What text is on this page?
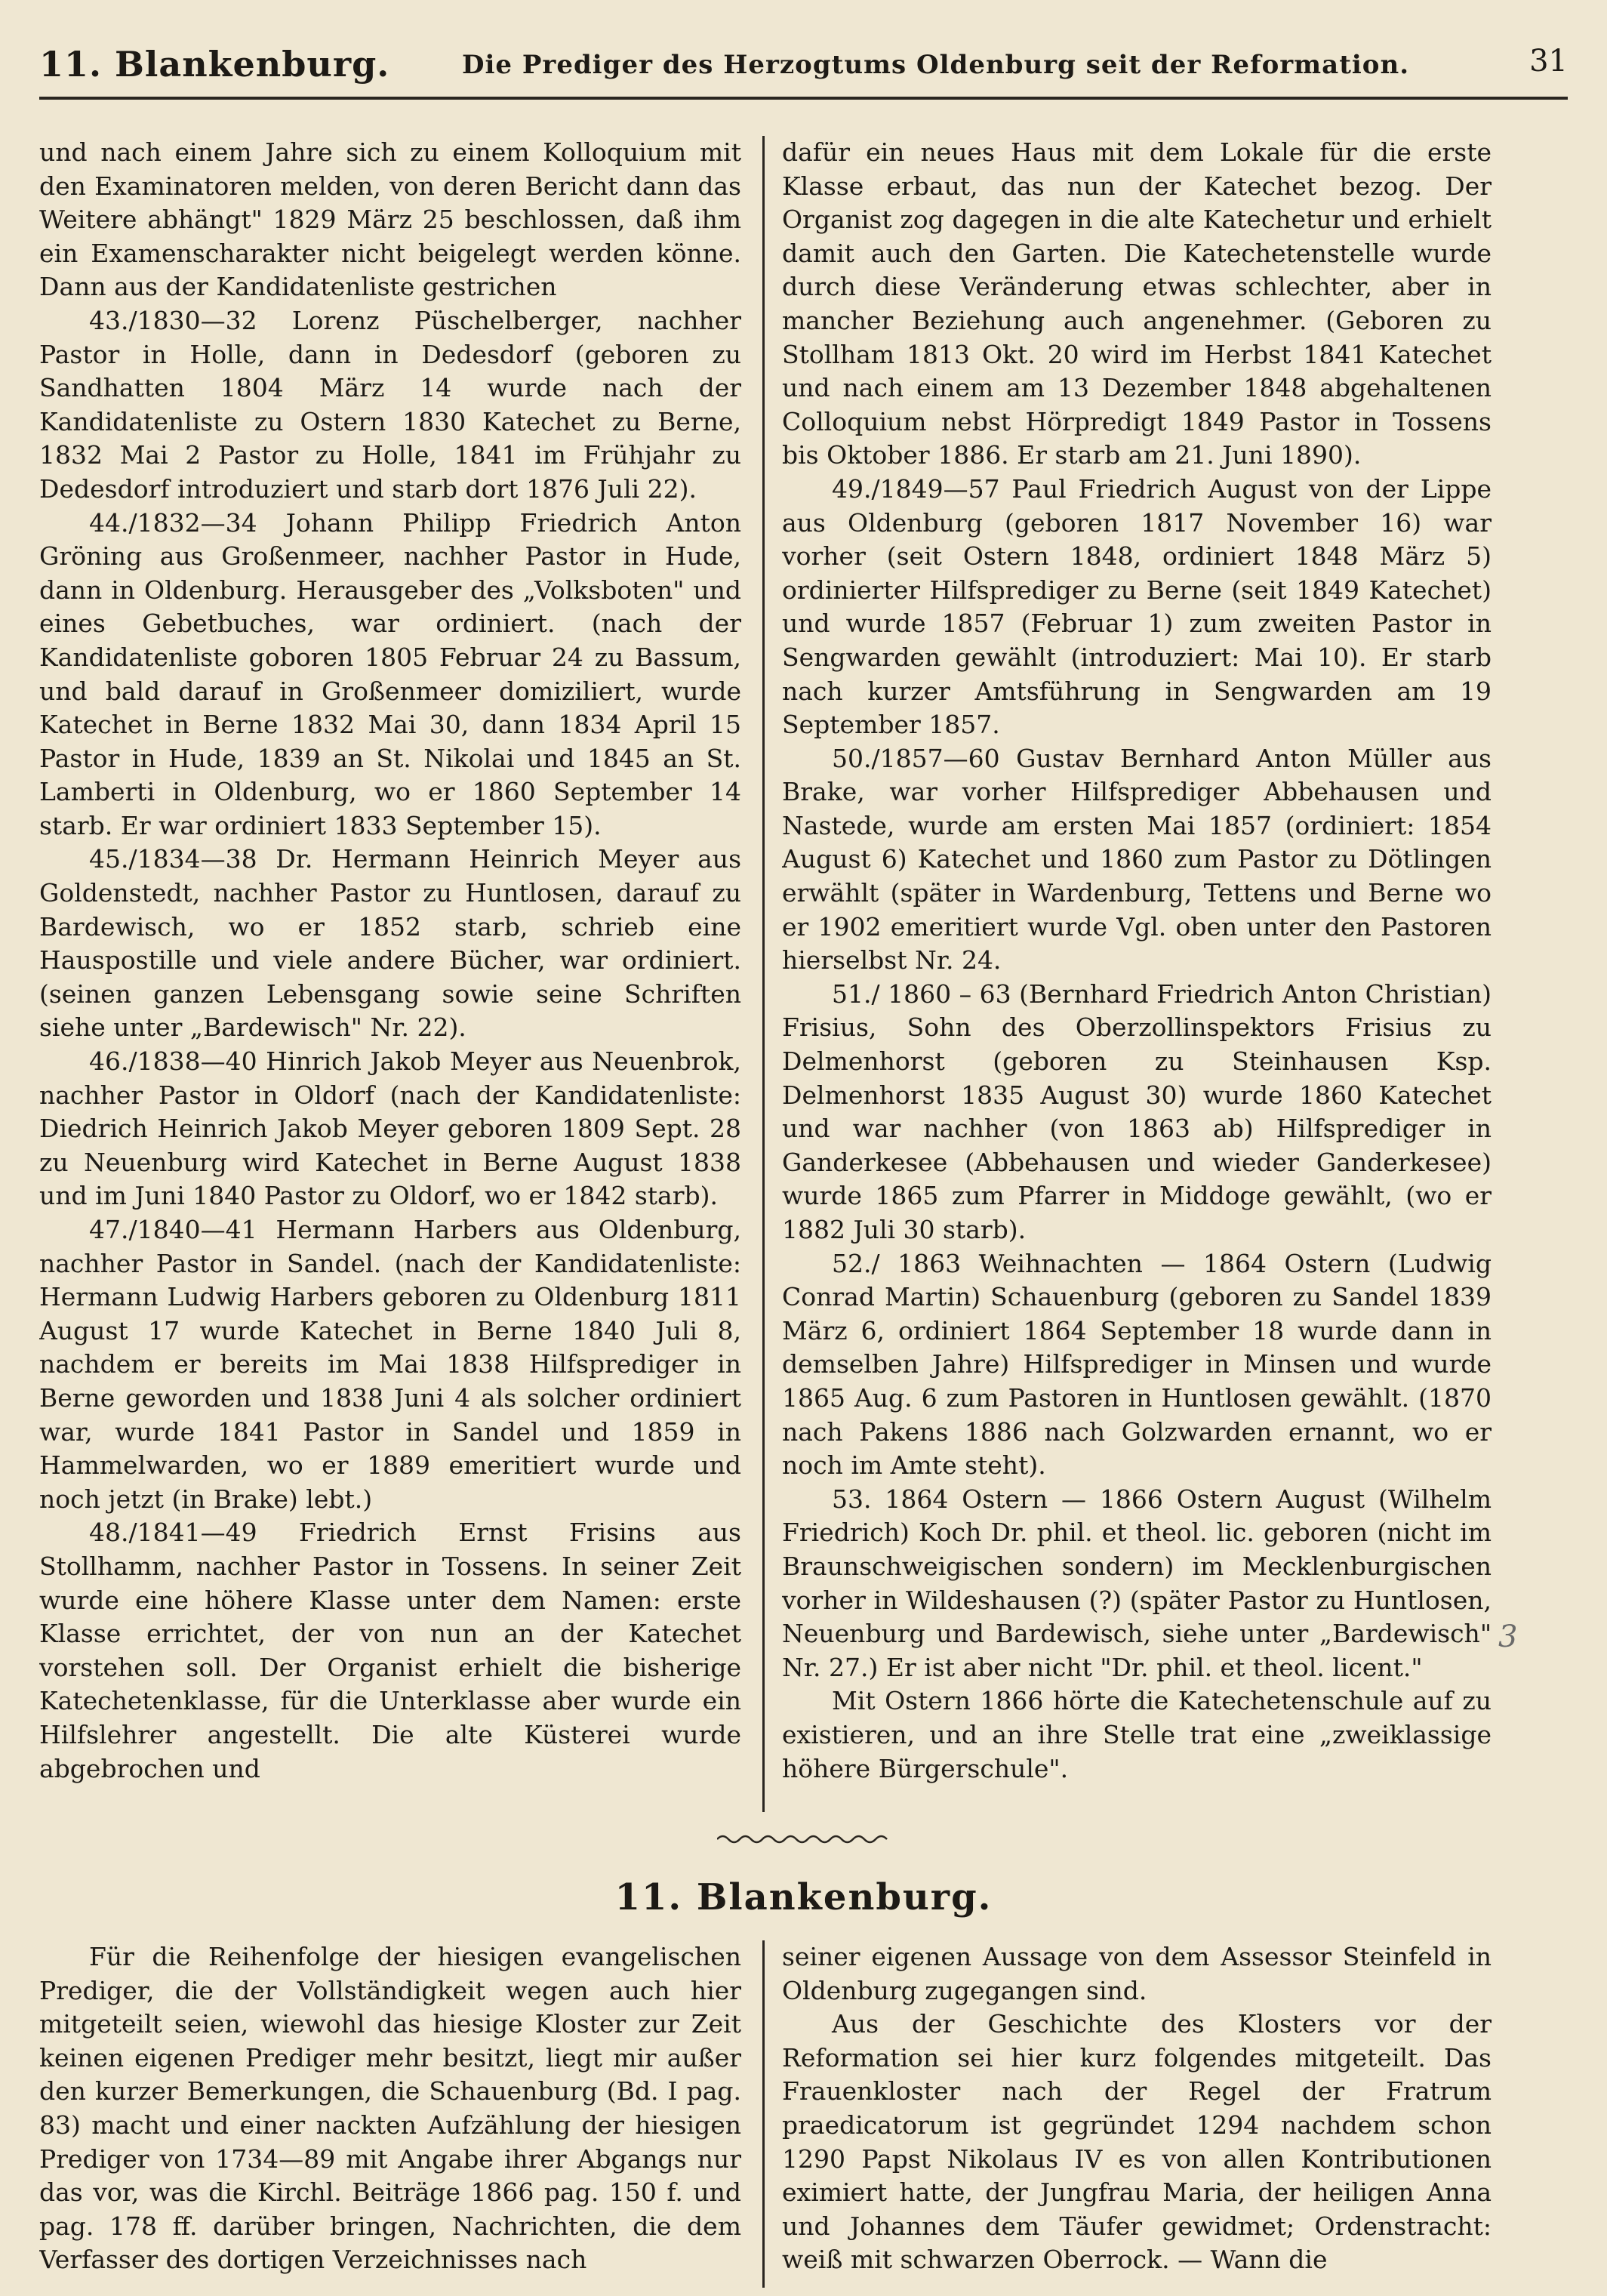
11. Blankenburg.	Die Prediger des Herzogtums Oldenburg seit der Reformation.	31

und nach einem Jahre sich zu einem Kolloquium mit den Examinatoren melden, von deren Bericht dann das Weitere abhängt" 1829 März 25 beschlossen, daß ihm ein Examenscharakter nicht beigelegt werden könne. Dann aus der Kandidatenliste gestrichen

43./1830—32 Lorenz Püschelberger, nachher Pastor in Holle, dann in Dedesdorf (geboren zu Sandhatten 1804 März 14 wurde nach der Kandidatenliste zu Ostern 1830 Katechet zu Berne, 1832 Mai 2 Pastor zu Holle, 1841 im Frühjahr zu Dedesdorf introduziert und starb dort 1876 Juli 22).

44./1832—34 Johann Philipp Friedrich Anton Gröning aus Großenmeer, nachher Pastor in Hude, dann in Oldenburg. Herausgeber des „Volksboten" und eines Gebetbuches, war ordiniert. (nach der Kandidatenliste goboren 1805 Februar 24 zu Bassum, und bald darauf in Großenmeer domiziliert, wurde Katechet in Berne 1832 Mai 30, dann 1834 April 15 Pastor in Hude, 1839 an St. Nikolai und 1845 an St. Lamberti in Oldenburg, wo er 1860 September 14 starb. Er war ordiniert 1833 September 15).

45./1834—38 Dr. Hermann Heinrich Meyer aus Goldenstedt, nachher Pastor zu Huntlosen, darauf zu Bardewisch, wo er 1852 starb, schrieb eine Hauspostille und viele andere Bücher, war ordiniert. (seinen ganzen Lebensgang sowie seine Schriften siehe unter „Bardewisch" Nr. 22).

46./1838—40 Hinrich Jakob Meyer aus Neuenbrok, nachher Pastor in Oldorf (nach der Kandidatenliste: Diedrich Heinrich Jakob Meyer geboren 1809 Sept. 28 zu Neuenburg wird Katechet in Berne August 1838 und im Juni 1840 Pastor zu Oldorf, wo er 1842 starb).

47./1840—41 Hermann Harbers aus Oldenburg, nachher Pastor in Sandel. (nach der Kandidatenliste: Hermann Ludwig Harbers geboren zu Oldenburg 1811 August 17 wurde Katechet in Berne 1840 Juli 8, nachdem er bereits im Mai 1838 Hilfsprediger in Berne geworden und 1838 Juni 4 als solcher ordiniert war, wurde 1841 Pastor in Sandel und 1859 in Hammelwarden, wo er 1889 emeritiert wurde und noch jetzt (in Brake) lebt.)

48./1841—49 Friedrich Ernst Frisins aus Stollhamm, nachher Pastor in Tossens. In seiner Zeit wurde eine höhere Klasse unter dem Namen: erste Klasse errichtet, der von nun an der Katechet vorstehen soll. Der Organist erhielt die bisherige Katechetenklasse, für die Unterklasse aber wurde ein Hilfslehrer angestellt. Die alte Küsterei wurde abgebrochen und

dafür ein neues Haus mit dem Lokale für die erste Klasse erbaut, das nun der Katechet bezog. Der Organist zog dagegen in die alte Katechetur und erhielt damit auch den Garten. Die Katechetenstelle wurde durch diese Veränderung etwas schlechter, aber in mancher Beziehung auch angenehmer. (Geboren zu Stollham 1813 Okt. 20 wird im Herbst 1841 Katechet und nach einem am 13 Dezember 1848 abgehaltenen Colloquium nebst Hörpredigt 1849 Pastor in Tossens bis Oktober 1886. Er starb am 21. Juni 1890).

49./1849—57 Paul Friedrich August von der Lippe aus Oldenburg (geboren 1817 November 16) war vorher (seit Ostern 1848, ordiniert 1848 März 5) ordinierter Hilfsprediger zu Berne (seit 1849 Katechet) und wurde 1857 (Februar 1) zum zweiten Pastor in Sengwarden gewählt (introduziert: Mai 10). Er starb nach kurzer Amtsführung in Sengwarden am 19 September 1857.

50./1857—60 Gustav Bernhard Anton Müller aus Brake, war vorher Hilfsprediger Abbehausen und Nastede, wurde am ersten Mai 1857 (ordiniert: 1854 August 6) Katechet und 1860 zum Pastor zu Dötlingen erwählt (später in Wardenburg, Tettens und Berne wo er 1902 emeritiert wurde Vgl. oben unter den Pastoren hierselbst Nr. 24.

51./ 1860 – 63 (Bernhard Friedrich Anton Christian) Frisius, Sohn des Oberzollinspektors Frisius zu Delmenhorst (geboren zu Steinhausen Ksp. Delmenhorst 1835 August 30) wurde 1860 Katechet und war nachher (von 1863 ab) Hilfsprediger in Ganderkesee (Abbehausen und wieder Ganderkesee) wurde 1865 zum Pfarrer in Middoge gewählt, (wo er 1882 Juli 30 starb).

52./ 1863 Weihnachten — 1864 Ostern (Ludwig Conrad Martin) Schauenburg (geboren zu Sandel 1839 März 6, ordiniert 1864 September 18 wurde dann in demselben Jahre) Hilfsprediger in Minsen und wurde 1865 Aug. 6 zum Pastoren in Huntlosen gewählt. (1870 nach Pakens 1886 nach Golzwarden ernannt, wo er noch im Amte steht).

53. 1864 Ostern — 1866 Ostern August (Wilhelm Friedrich) Koch Dr. phil. et theol. lic. geboren (nicht im Braunschweigischen sondern) im Mecklenburgischen vorher in Wildeshausen (?) (später Pastor zu Huntlosen, Neuenburg und Bardewisch, siehe unter „Bardewisch" Nr. 27.) Er ist aber nicht "Dr. phil. et theol. licent."

Mit Ostern 1866 hörte die Katechetenschule auf zu existieren, und an ihre Stelle trat eine „zweiklassige höhere Bürgerschule".

3
11. Blankenburg.

Für die Reihenfolge der hiesigen evangelischen Prediger, die der Vollständigkeit wegen auch hier mitgeteilt seien, wiewohl das hiesige Kloster zur Zeit keinen eigenen Prediger mehr besitzt, liegt mir außer den kurzer Bemerkungen, die Schauenburg (Bd. I pag. 83) macht und einer nackten Aufzählung der hiesigen Prediger von 1734—89 mit Angabe ihrer Abgangs nur das vor, was die Kirchl. Beiträge 1866 pag. 150 f. und pag. 178 ff. darüber bringen, Nachrichten, die dem Verfasser des dortigen Verzeichnisses nach

seiner eigenen Aussage von dem Assessor Steinfeld in Oldenburg zugegangen sind.

Aus der Geschichte des Klosters vor der Reformation sei hier kurz folgendes mitgeteilt. Das Frauenkloster nach der Regel der Fratrum praedicatorum ist gegründet 1294 nachdem schon 1290 Papst Nikolaus IV es von allen Kontributionen eximiert hatte, der Jungfrau Maria, der heiligen Anna und Johannes dem Täufer gewidmet; Ordenstracht: weiß mit schwarzen Oberrock. — Wann die
